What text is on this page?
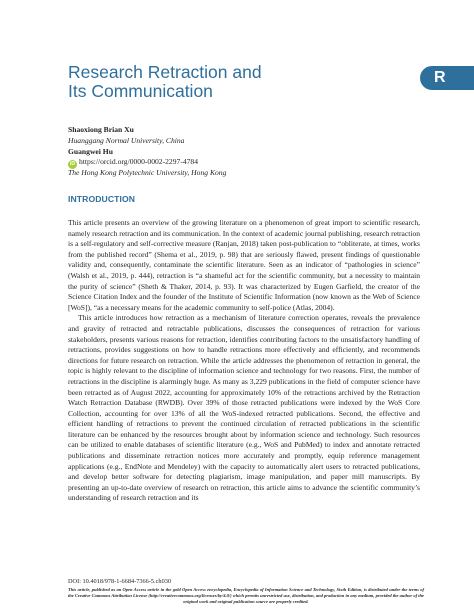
Research Retraction and
Its Communication
R
Shaoxiong Brian Xu
Huanggang Normal University, China
Guangwei Hu
iD https://orcid.org/0000-0002-2297-4784
The Hong Kong Polytechnic University, Hong Kong
INTRODUCTION

This article presents an overview of the growing literature on a phenomenon of great import to scientific research, namely research retraction and its communication. In the context of academic journal publishing, research retraction is a self-regulatory and self-corrective measure (Ranjan, 2018) taken post-publication to “obliterate, at times, works from the published record” (Shema et al., 2019, p. 98) that are seriously flawed, present findings of questionable validity and, consequently, contaminate the scientific literature. Seen as an indicator of “pathologies in science” (Walsh et al., 2019, p. 444), retraction is “a shameful act for the scientific community, but a necessity to maintain the purity of science” (Sheth & Thaker, 2014, p. 93). It was characterized by Eugen Garfield, the creator of the Science Citation Index and the founder of the Institute of Scientific Information (now known as the Web of Science [WoS]), “as a necessary means for the academic community to self-police (Atlas, 2004).

This article introduces how retraction as a mechanism of literature correction operates, reveals the prevalence and gravity of retracted and retractable publications, discusses the consequences of retraction for various stakeholders, presents various reasons for retraction, identifies contributing factors to the unsatisfactory handling of retractions, provides suggestions on how to handle retractions more effectively and efficiently, and recommends directions for future research on retraction. While the article addresses the phenomenon of retraction in general, the topic is highly relevant to the discipline of information science and technology for two reasons. First, the number of retractions in the discipline is alarmingly huge. As many as 3,229 publications in the field of computer science have been retracted as of August 2022, accounting for approximately 10% of the retractions archived by the Retraction Watch Retraction Database (RWDB). Over 39% of those retracted publications were indexed by the WoS Core Collection, accounting for over 13% of all the WoS-indexed retracted publications. Second, the effective and efficient handling of retractions to prevent the continued circulation of retracted publications in the scientific literature can be enhanced by the resources brought about by information science and technology. Such resources can be utilized to enable databases of scientific literature (e.g., WoS and PubMed) to index and annotate retracted publications and disseminate retraction notices more accurately and promptly, equip reference management applications (e.g., EndNote and Mendeley) with the capacity to automatically alert users to retracted publications, and develop better software for detecting plagiarism, image manipulation, and paper mill manuscripts. By presenting an up-to-date overview of research on retraction, this article aims to advance the scientific community’s understanding of research retraction and its

DOI: 10.4018/978-1-6684-7366-5.ch030
This article, published as an Open Access article in the gold Open Access encyclopedia, Encyclopedia of Information Science and Technology, Sixth Edition, is distributed under the terms of the Creative Commons Attribution License (http://creativecommons.org/licenses/by/4.0/) which permits unrestricted use, distribution, and production in any medium, provided the author of the original work and original publication source are properly credited.
